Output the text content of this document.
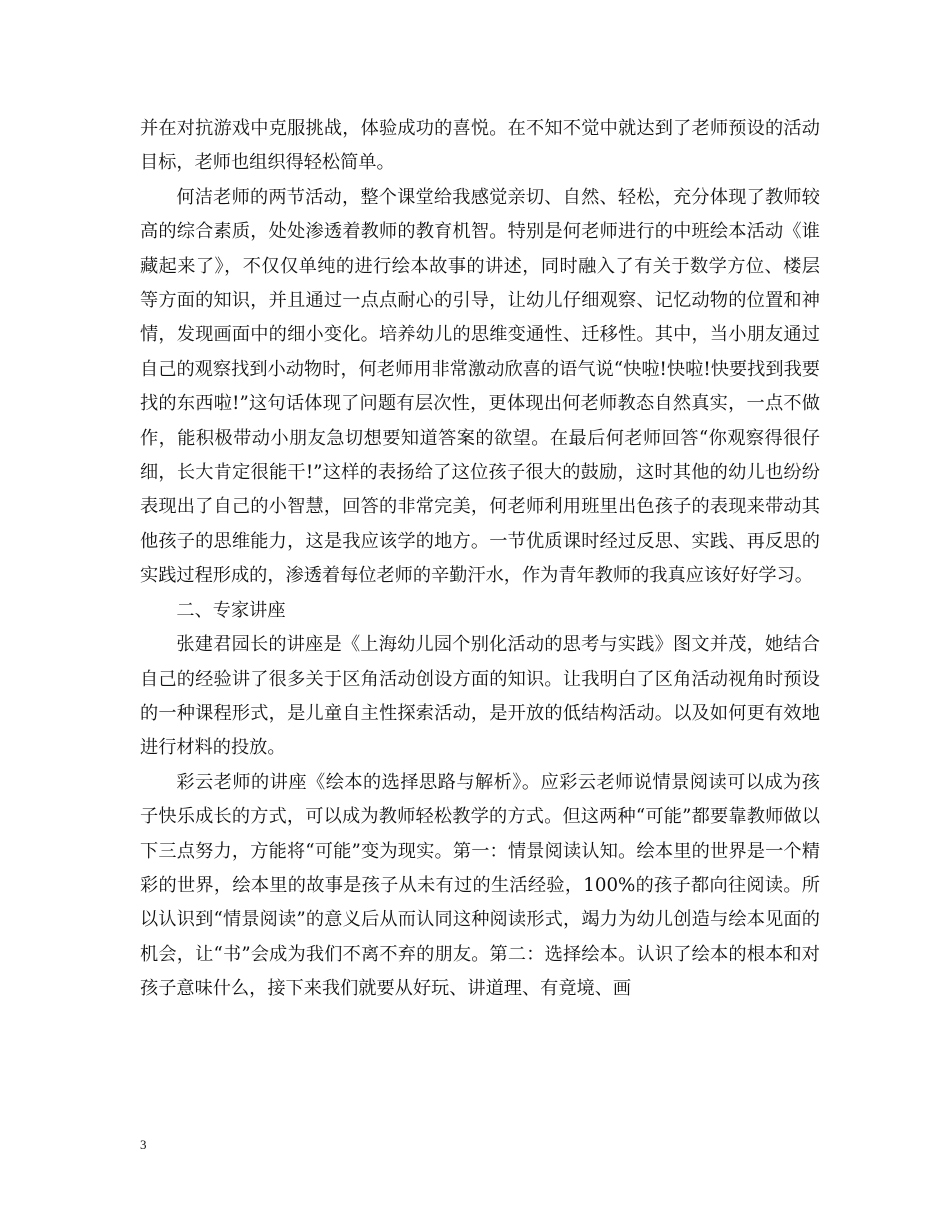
并在对抗游戏中克服挑战，体验成功的喜悦。在不知不觉中就达到了老师预设的活动目标，老师也组织得轻松简单。

何洁老师的两节活动，整个课堂给我感觉亲切、自然、轻松，充分体现了教师较高的综合素质，处处渗透着教师的教育机智。特别是何老师进行的中班绘本活动《谁藏起来了》，不仅仅单纯的进行绘本故事的讲述，同时融入了有关于数学方位、楼层等方面的知识，并且通过一点点耐心的引导，让幼儿仔细观察、记忆动物的位置和神情，发现画面中的细小变化。培养幼儿的思维变通性、迁移性。其中，当小朋友通过自己的观察找到小动物时，何老师用非常激动欣喜的语气说“快啦!快啦!快要找到我要找的东西啦!”这句话体现了问题有层次性，更体现出何老师教态自然真实，一点不做作，能积极带动小朋友急切想要知道答案的欲望。在最后何老师回答“你观察得很仔细，长大肯定很能干!”这样的表扬给了这位孩子很大的鼓励，这时其他的幼儿也纷纷表现出了自己的小智慧，回答的非常完美，何老师利用班里出色孩子的表现来带动其他孩子的思维能力，这是我应该学的地方。一节优质课时经过反思、实践、再反思的实践过程形成的，渗透着每位老师的辛勤汗水，作为青年教师的我真应该好好学习。

二、专家讲座

张建君园长的讲座是《上海幼儿园个别化活动的思考与实践》图文并茂，她结合自己的经验讲了很多关于区角活动创设方面的知识。让我明白了区角活动视角时预设的一种课程形式，是儿童自主性探索活动，是开放的低结构活动。以及如何更有效地进行材料的投放。

彩云老师的讲座《绘本的选择思路与解析》。应彩云老师说情景阅读可以成为孩子快乐成长的方式，可以成为教师轻松教学的方式。但这两种“可能”都要靠教师做以下三点努力，方能将“可能”变为现实。第一：情景阅读认知。绘本里的世界是一个精彩的世界，绘本里的故事是孩子从未有过的生活经验，100%的孩子都向往阅读。所以认识到“情景阅读”的意义后从而认同这种阅读形式，竭力为幼儿创造与绘本见面的机会，让“书”会成为我们不离不弃的朋友。第二：选择绘本。认识了绘本的根本和对孩子意味什么，接下来我们就要从好玩、讲道理、有竟境、画

3
